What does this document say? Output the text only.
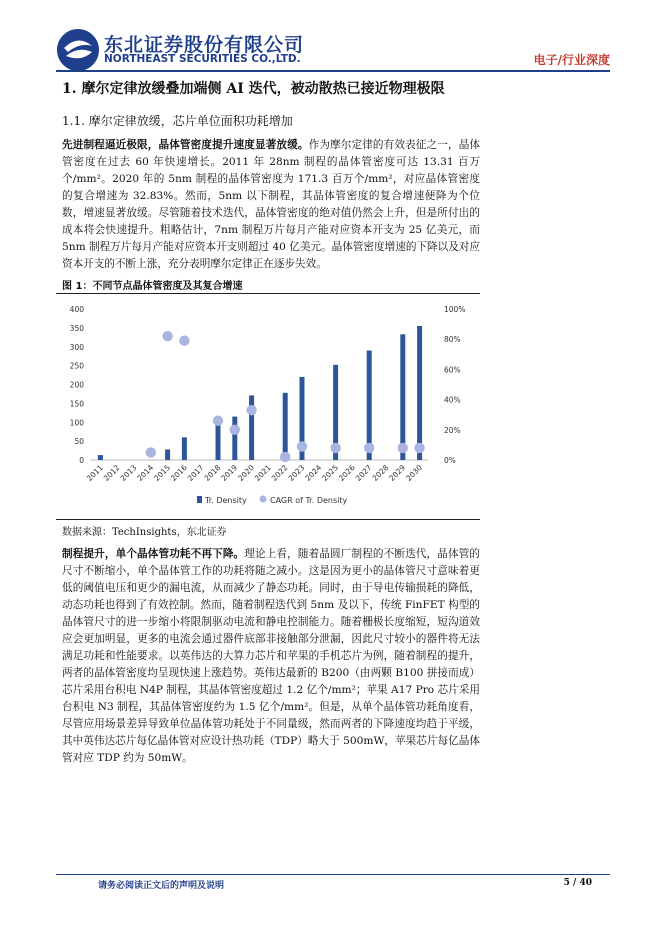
东北证券股份有限公司
NORTHEAST SECURITIES CO.,LTD.	电子/行业深度
1. 摩尔定律放缓叠加端侧 AI 迭代，被动散热已接近物理极限
1.1. 摩尔定律放缓，芯片单位面积功耗增加
先进制程逼近极限，晶体管密度提升速度显著放缓。作为摩尔定律的有效表征之一，晶体管密度在过去 60 年快速增长。2011 年 28nm 制程的晶体管密度可达 13.31 百万个/mm²。2020 年的 5nm 制程的晶体管密度为 171.3 百万个/mm²，对应晶体管密度的复合增速为 32.83%。然而，5nm 以下制程，其晶体管密度的复合增速便降为个位数，增速显著放缓。尽管随着技术迭代，晶体管密度的绝对值仍然会上升，但是所付出的成本将会快速提升。粗略估计，7nm 制程万片每月产能对应资本开支为 25 亿美元，而 5nm 制程万片每月产能对应资本开支则超过 40 亿美元。晶体管密度增速的下降以及对应资本开支的不断上涨，充分表明摩尔定律正在逐步失效。
图 1：不同节点晶体管密度及其复合增速
0
50
100
150
200
250
300
350
400
0%
20%
40%
60%
80%
100%
2011
2012
2013
2014
2015
2016
2017
2018
2019
2020
2021
2022
2023
2024
2025
2026
2027
2028
2029
2030
Tr. Density	CAGR of Tr. Density
数据来源：TechInsights，东北证券
制程提升，单个晶体管功耗不再下降。理论上看，随着晶圆厂制程的不断迭代，晶体管的尺寸不断缩小，单个晶体管工作的功耗将随之减小。这是因为更小的晶体管尺寸意味着更低的阈值电压和更少的漏电流，从而减少了静态功耗。同时，由于导电传输损耗的降低，动态功耗也得到了有效控制。然而，随着制程迭代到 5nm 及以下，传统 FinFET 构型的晶体管尺寸的进一步缩小将限制驱动电流和静电控制能力。随着栅极长度缩短，短沟道效应会更加明显，更多的电流会通过器件底部非接触部分泄漏，因此尺寸较小的器件将无法满足功耗和性能要求。以英伟达的大算力芯片和苹果的手机芯片为例，随着制程的提升，两者的晶体管密度均呈现快速上涨趋势。英伟达最新的 B200（由两颗 B100 拼接而成）芯片采用台积电 N4P 制程，其晶体管密度超过 1.2 亿个/mm²；苹果 A17 Pro 芯片采用台积电 N3 制程，其晶体管密度约为 1.5 亿个/mm²。但是，从单个晶体管功耗角度看，尽管应用场景差异导致单位晶体管功耗处于不同量级，然而两者的下降速度均趋于平缓，其中英伟达芯片每亿晶体管对应设计热功耗（TDP）略大于 500mW，苹果芯片每亿晶体管对应 TDP 约为 50mW。
请务必阅读正文后的声明及说明	5 / 40
